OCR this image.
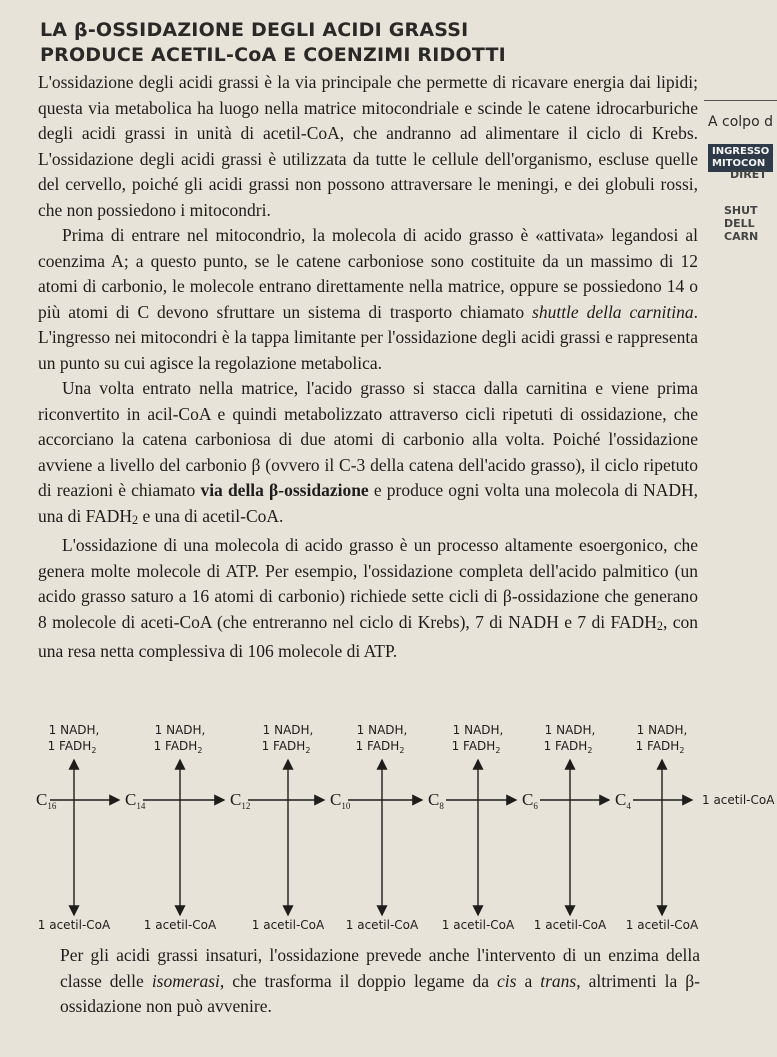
LA β-OSSIDAZIONE DEGLI ACIDI GRASSI
PRODUCE ACETIL-CoA E COENZIMI RIDOTTI

L'ossidazione degli acidi grassi è la via principale che permette di ricavare energia dai lipidi; questa via metabolica ha luogo nella matrice mitocondriale e scinde le catene idrocarburiche degli acidi grassi in unità di acetil-CoA, che andranno ad alimentare il ciclo di Krebs. L'ossidazione degli acidi grassi è utilizzata da tutte le cellule dell'organismo, escluse quelle del cervello, poiché gli acidi grassi non possono attraversare le meningi, e dei globuli rossi, che non possiedono i mitocondri.

Prima di entrare nel mitocondrio, la molecola di acido grasso è «attivata» legandosi al coenzima A; a questo punto, se le catene carboniose sono costituite da un massimo di 12 atomi di carbonio, le molecole entrano direttamente nella matrice, oppure se possiedono 14 o più atomi di C devono sfruttare un sistema di trasporto chiamato shuttle della carnitina. L'ingresso nei mitocondri è la tappa limitante per l'ossidazione degli acidi grassi e rappresenta un punto su cui agisce la regolazione metabolica.

Una volta entrato nella matrice, l'acido grasso si stacca dalla carnitina e viene prima riconvertito in acil-CoA e quindi metabolizzato attraverso cicli ripetuti di ossidazione, che accorciano la catena carboniosa di due atomi di carbonio alla volta. Poiché l'ossidazione avviene a livello del carbonio β (ovvero il C-3 della catena dell'acido grasso), il ciclo ripetuto di reazioni è chiamato via della β-ossidazione e produce ogni volta una molecola di NADH, una di $FADH_2$ e una di acetil-CoA.

L'ossidazione di una molecola di acido grasso è un processo altamente esoergonico, che genera molte molecole di ATP. Per esempio, l'ossidazione completa dell'acido palmitico (un acido grasso saturo a 16 atomi di carbonio) richiede sette cicli di β-ossidazione che generano 8 molecole di aceti-CoA (che entreranno nel ciclo di Krebs), 7 di NADH e 7 di $FADH_2$, con una resa netta complessiva di 106 molecole di ATP.

A colpo d
INGRESSO
MITOCON
DIRET
SHUT
DELL
CARN
$C_{16}$	$C_{14}$	$C_{12}$	$C_{10}$	$C_8$	$C_6$	$C_4$
1 NADH,
1 $FADH_2$
1 acetil-CoA
1 NADH,
1 $FADH_2$
1 acetil-CoA
1 NADH,
1 $FADH_2$
1 acetil-CoA
1 NADH,
1 $FADH_2$
1 acetil-CoA
1 NADH,
1 $FADH_2$
1 acetil-CoA
1 NADH,
1 $FADH_2$
1 acetil-CoA
1 NADH,
1 $FADH_2$
1 acetil-CoA
1 acetil-CoA
Per gli acidi grassi insaturi, l'ossidazione prevede anche l'intervento di un enzima della classe delle isomerasi, che trasforma il doppio legame da cis a trans, altrimenti la β-ossidazione non può avvenire.
